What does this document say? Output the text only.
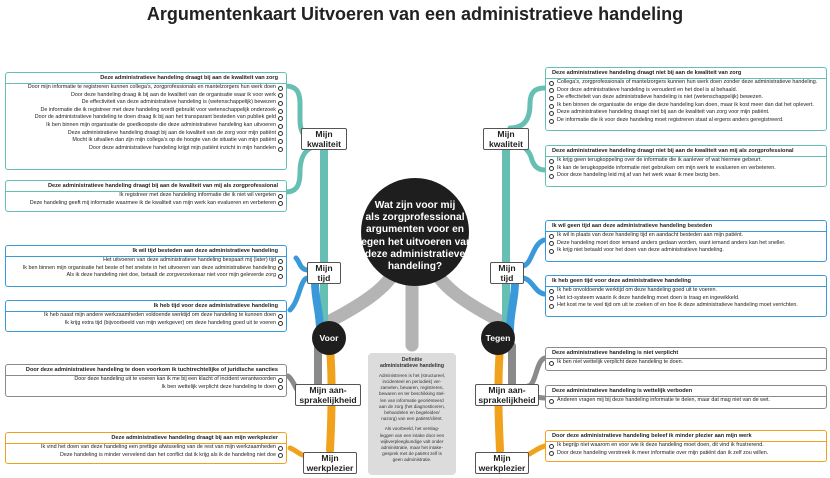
Argumentenkaart Uitvoeren van een administratieve handeling
Wat zijn voor mij
als zorgprofessional
argumenten voor en
tegen het uitvoeren van
deze administratieve
handeling?
Voor	Tegen
Mijn
kwaliteit
Mijn
tijd
Mijn aan-
sprakelijkheid
Mijn
werkplezier
Mijn
kwaliteit
Mijn
tijd
Mijn aan-
sprakelijkheid
Mijn
werkplezier
Deze administratieve handeling draagt bij aan de kwaliteit van zorg
Door mijn informatie te registreren kunnen collega’s, zorgprofessionals en mantelzorgers hun werk doen
Door deze handeling draag ik bij aan de kwaliteit van de organisatie waar ik voor werk
De effectiviteit van deze administratieve handeling is (wetenschappelijk) bewezen
De informatie die ik registreer met deze handeling wordt gebruikt voor wetenschappelijk onderzoek
Door de administratieve handeling te doen draag ik bij aan het transparant besteden van publiek geld
Ik ben binnen mijn organisatie de goedkoopste die deze administratieve handeling kan uitvoeren
Deze administratieve handeling draagt bij aan de kwaliteit van de zorg voor mijn patiënt
Mocht ik uitvallen dan zijn mijn collega’s op de hoogte van de situatie van mijn patiënt
Door deze administratieve handeling krijgt mijn patiënt inzicht in mijn handelen
Deze administratieve handeling draagt bij aan de kwaliteit van mij als zorgprofessional
Ik registreer met deze handeling informatie die ik niet wil vergeten
Deze handeling geeft mij informatie waarmee ik de kwaliteit van mijn werk kan evalueren en verbeteren
Ik wil tijd besteden aan deze administratieve handeling
Het uitvoeren van deze administratieve handeling bespaart mij (later) tijd
Ik ben binnen mijn organisatie het beste of het snelste in het uitvoeren van deze administratieve handeling
Als ik deze handeling niet doe, betaalt de zorgverzekeraar niet voor mijn geleverde zorg
Ik heb tijd voor deze administratieve handeling
Ik heb naast mijn andere werkzaamheden voldoende werktijd om deze handeling te kunnen doen
Ik krijg extra tijd (bijvoorbeeld van mijn werkgever) om deze handeling goed uit te voeren
Door deze administratieve handeling te doen voorkom ik tuchtrechtelijke of juridische sancties
Door deze handeling uit te voeren kan ik me bij een klacht of incident verantwoorden
Ik ben wettelijk verplicht deze handeling te doen
Deze administratieve handeling draagt bij aan mijn werkplezier
Ik vind het doen van deze handeling een prettige afwisseling van de rest van mijn werkzaamheden
Deze handeling is minder vervelend dan het conflict dat ik krijg als ik de handeling niet doe
Deze administratieve handeling draagt niet bij aan de kwaliteit van zorg
Collega’s, zorgprofessionals of mantelzorgers kunnen hun werk doen zonder deze administratieve handeling.
Door deze administratieve handeling is verouderd en het doel is al behaald.
De effectiviteit van deze administratieve handeling is niet (wetenschappelijk) bewezen.
Ik ben binnen de organisatie de enige die deze handeling kan doen, maar ik kost meer dan dat het oplevert.
Deze administratieve handeling draagt niet bij aan de kwaliteit van zorg voor mijn patiënt.
De informatie die ik voor deze handeling moet registreren staat al ergens anders geregistreerd.
Deze administratieve handeling draagt niet bij aan de kwaliteit van mij als zorgprofessional
Ik krijg geen terugkoppeling over de informatie die ik aanlever of wat hiermee gebeurt.
Ik kan de terugkoppelde informatie niet gebruiken om mijn werk te evalueren en verbeteren.
Door deze handeling leid mij af van het werk waar ik mee bezig ben.
Ik wil geen tijd aan deze administratieve handeling besteden
Ik wil in plaats van deze handeling tijd en aandacht besteden aan mijn patiënt.
Deze handeling moet door iemand anders gedaan worden, want iemand anders kan het sneller.
Ik krijg niet betaald voor het doen van deze administratieve handeling.
Ik heb geen tijd voor deze administratieve handeling
Ik heb onvoldoende werktijd om deze handeling goed uit te voeren.
Het ict-systeem waarin ik deze handeling moet doen is traag en ingewikkeld.
Het kost me te veel tijd om uit te zoeken of en hoe ik deze administratieve handeling moet verrichten.
Deze administratieve handeling is niet verplicht
Ik ben niet wettelijk verplicht deze handeling te doen.
Deze administratieve handeling is wettelijk verboden
Anderen vragen mij bij deze handeling informatie te delen, maar dat mag niet van de wet.
Door deze administratieve handeling beleef ik minder plezier aan mijn werk
Ik begrijp niet waarom en voor wie ik deze handeling moet doen, dit vind ik frustrerend.
Door deze handeling verstreek ik meer informatie over mijn patiënt dan ik zelf zou willen.
Definitie
administratieve handeling
Administreren is het (structureel,
incidenteel en periodiek) ver-
zamelen, bewaren, registreren,
bewaren en ter beschikking stel-
len van informatie georiënteerd
aan de zorg (het diagnosticeren,
behandelen en begeleiden/
nazorg) van een patiënt/cliënt.
Als voorbeeld, het verslag-
leggen van een intake door een
wijkverpleegkundige valt onder
administratie, maar het intake-
gesprek met de patiënt zelf is
geen administratie.
